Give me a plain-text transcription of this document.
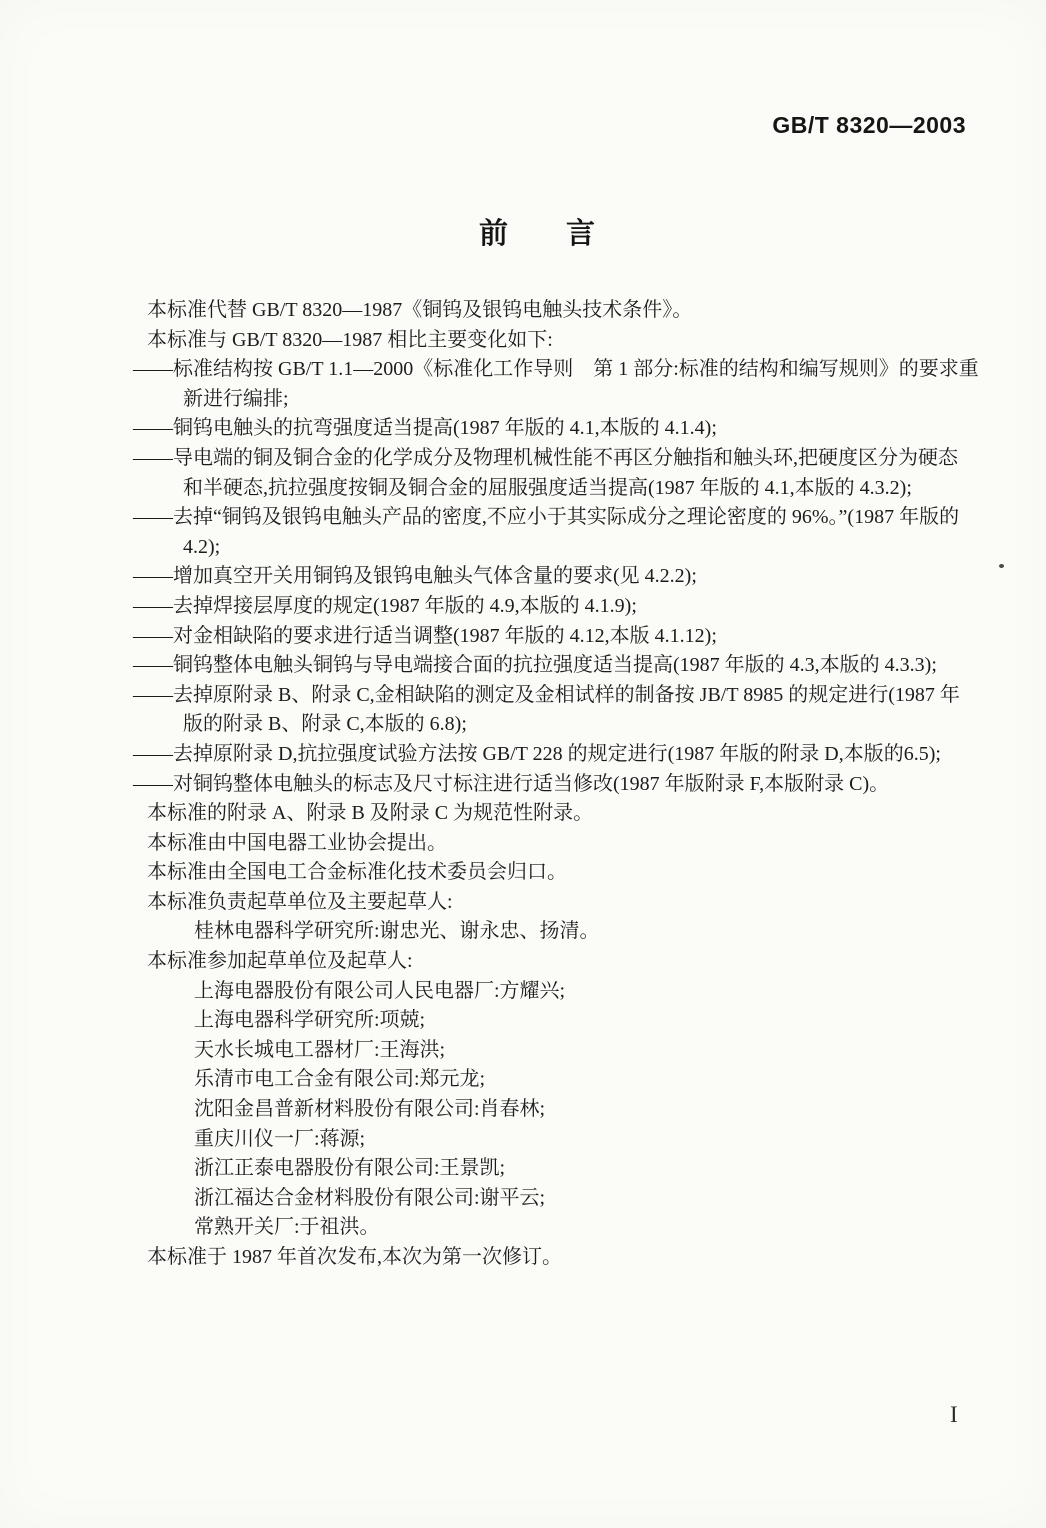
GB/T 8320—2003
前　　言
本标准代替 GB/T 8320—1987《铜钨及银钨电触头技术条件》。
本标准与 GB/T 8320—1987 相比主要变化如下:
——标准结构按 GB/T 1.1—2000《标准化工作导则　第 1 部分:标准的结构和编写规则》的要求重
新进行编排;
——铜钨电触头的抗弯强度适当提高(1987 年版的 4.1,本版的 4.1.4);
——导电端的铜及铜合金的化学成分及物理机械性能不再区分触指和触头环,把硬度区分为硬态
和半硬态,抗拉强度按铜及铜合金的屈服强度适当提高(1987 年版的 4.1,本版的 4.3.2);
——去掉“铜钨及银钨电触头产品的密度,不应小于其实际成分之理论密度的 96%。”(1987 年版的
4.2);
——增加真空开关用铜钨及银钨电触头气体含量的要求(见 4.2.2);
——去掉焊接层厚度的规定(1987 年版的 4.9,本版的 4.1.9);
——对金相缺陷的要求进行适当调整(1987 年版的 4.12,本版 4.1.12);
——铜钨整体电触头铜钨与导电端接合面的抗拉强度适当提高(1987 年版的 4.3,本版的 4.3.3);
——去掉原附录 B、附录 C,金相缺陷的测定及金相试样的制备按 JB/T 8985 的规定进行(1987 年
版的附录 B、附录 C,本版的 6.8);
——去掉原附录 D,抗拉强度试验方法按 GB/T 228 的规定进行(1987 年版的附录 D,本版的6.5);
——对铜钨整体电触头的标志及尺寸标注进行适当修改(1987 年版附录 F,本版附录 C)。
本标准的附录 A、附录 B 及附录 C 为规范性附录。
本标准由中国电器工业协会提出。
本标准由全国电工合金标准化技术委员会归口。
本标准负责起草单位及主要起草人:
桂林电器科学研究所:谢忠光、谢永忠、扬清。
本标准参加起草单位及起草人:
上海电器股份有限公司人民电器厂:方耀兴;
上海电器科学研究所:项兢;
天水长城电工器材厂:王海洪;
乐清市电工合金有限公司:郑元龙;
沈阳金昌普新材料股份有限公司:肖春林;
重庆川仪一厂:蒋源;
浙江正泰电器股份有限公司:王景凯;
浙江福达合金材料股份有限公司:谢平云;
常熟开关厂:于祖洪。
本标准于 1987 年首次发布,本次为第一次修订。
I
